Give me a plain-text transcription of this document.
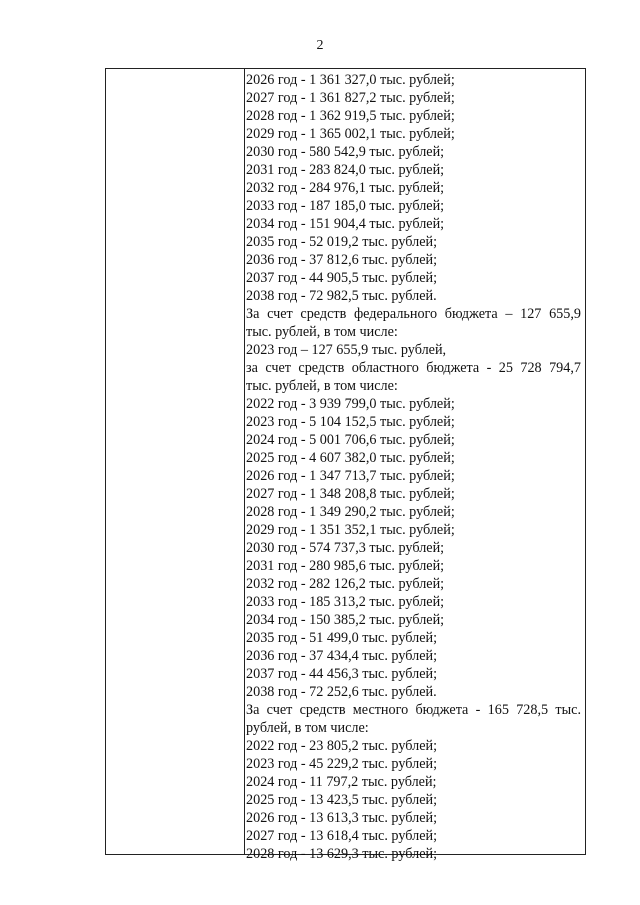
2
2026 год - 1 361 327,0 тыс. рублей;
2027 год - 1 361 827,2 тыс. рублей;
2028 год - 1 362 919,5 тыс. рублей;
2029 год - 1 365 002,1 тыс. рублей;
2030 год - 580 542,9 тыс. рублей;
2031 год - 283 824,0 тыс. рублей;
2032 год - 284 976,1 тыс. рублей;
2033 год - 187 185,0 тыс. рублей;
2034 год - 151 904,4 тыс. рублей;
2035 год - 52 019,2 тыс. рублей;
2036 год - 37 812,6 тыс. рублей;
2037 год - 44 905,5 тыс. рублей;
2038 год - 72 982,5 тыс. рублей.
За счет средств федерального бюджета – 127 655,9
тыс. рублей, в том числе:
2023 год – 127 655,9 тыс. рублей,
за счет средств областного бюджета - 25 728 794,7
тыс. рублей, в том числе:
2022 год - 3 939 799,0 тыс. рублей;
2023 год - 5 104 152,5 тыс. рублей;
2024 год - 5 001 706,6 тыс. рублей;
2025 год - 4 607 382,0 тыс. рублей;
2026 год - 1 347 713,7 тыс. рублей;
2027 год - 1 348 208,8 тыс. рублей;
2028 год - 1 349 290,2 тыс. рублей;
2029 год - 1 351 352,1 тыс. рублей;
2030 год - 574 737,3 тыс. рублей;
2031 год - 280 985,6 тыс. рублей;
2032 год - 282 126,2 тыс. рублей;
2033 год - 185 313,2 тыс. рублей;
2034 год - 150 385,2 тыс. рублей;
2035 год - 51 499,0 тыс. рублей;
2036 год - 37 434,4 тыс. рублей;
2037 год - 44 456,3 тыс. рублей;
2038 год - 72 252,6 тыс. рублей.
За счет средств местного бюджета - 165 728,5 тыс.
рублей, в том числе:
2022 год - 23 805,2 тыс. рублей;
2023 год - 45 229,2 тыс. рублей;
2024 год - 11 797,2 тыс. рублей;
2025 год - 13 423,5 тыс. рублей;
2026 год - 13 613,3 тыс. рублей;
2027 год - 13 618,4 тыс. рублей;
2028 год - 13 629,3 тыс. рублей;
